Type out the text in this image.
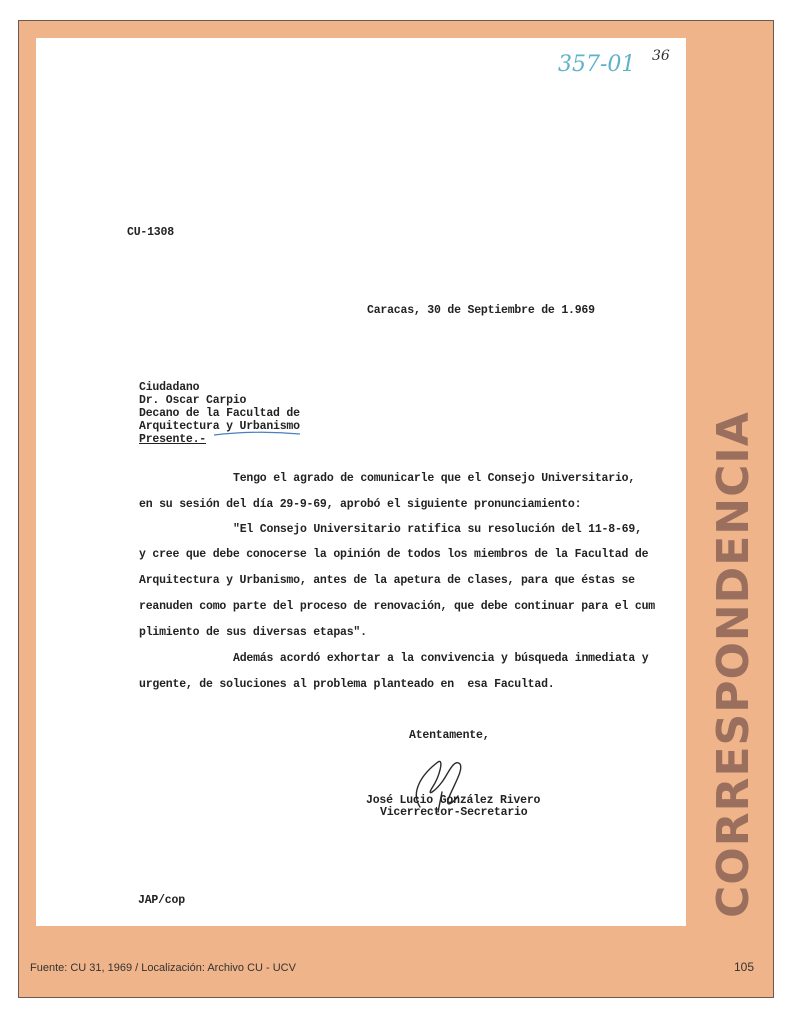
357-01 36
CU-1308
Caracas, 30 de Septiembre de 1.969
Ciudadano
Dr. Oscar Carpio
Decano de la Facultad de
Arquitectura y Urbanismo
Presente.-
Tengo el agrado de comunicarle que el Consejo Universitario,
en su sesión del día 29-9-69, aprobó el siguiente pronunciamiento:
"El Consejo Universitario ratifica su resolución del 11-8-69,
y cree que debe conocerse la opinión de todos los miembros de la Facultad de
Arquitectura y Urbanismo, antes de la apetura de clases, para que éstas se
reanuden como parte del proceso de renovación, que debe continuar para el cum
plimiento de sus diversas etapas".
Además acordó exhortar a la convivencia y búsqueda inmediata y
urgente, de soluciones al problema planteado en  esa Facultad.
Atentamente,
José Lucio González Rivero
Vicerrector-Secretario
JAP/cop	CORRESPONDENCIA
Fuente: CU 31, 1969 / Localización: Archivo CU - UCV	105
